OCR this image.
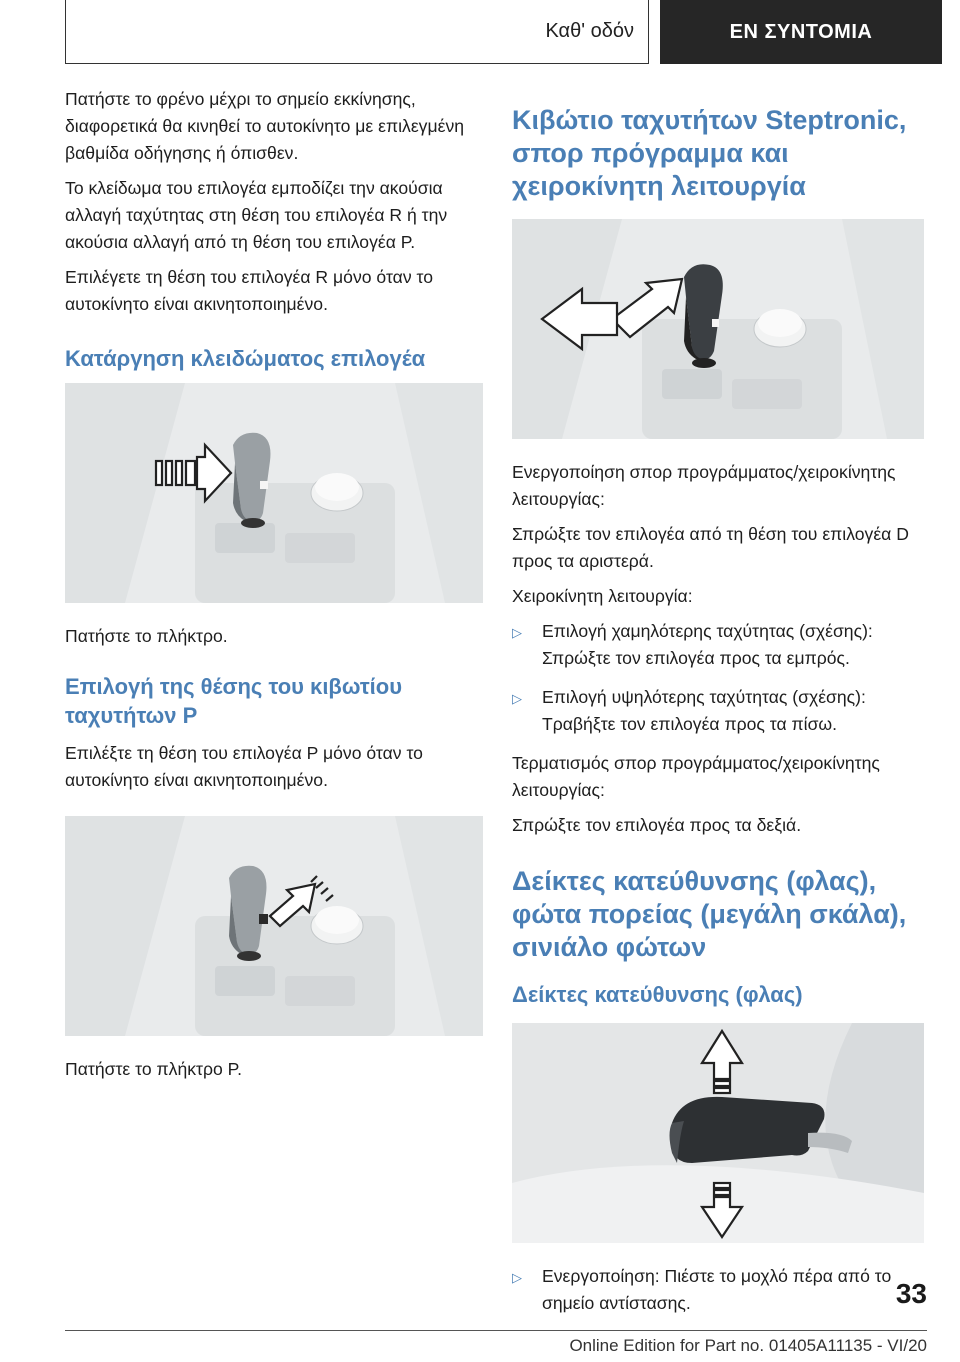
Καθ' οδόν	ΕΝ ΣΥΝΤΟΜΙΑ

Πατήστε το φρένο μέχρι το σημείο εκκίνησης, διαφορετικά θα κινηθεί το αυτοκίνητο με επιλεγμένη βαθμίδα οδήγησης ή όπισθεν.

Το κλείδωμα του επιλογέα εμποδίζει την ακούσια αλλαγή ταχύτητας στη θέση του επιλογέα R ή την ακούσια αλλαγή από τη θέση του επιλογέα P.

Επιλέγετε τη θέση του επιλογέα R μόνο όταν το αυτοκίνητο είναι ακινητοποιημένο.

Κατάργηση κλειδώματος επιλογέα

Πατήστε το πλήκτρο.

Επιλογή της θέσης του κιβωτίου ταχυτήτων P

Επιλέξτε τη θέση του επιλογέα P μόνο όταν το αυτοκίνητο είναι ακινητοποιημένο.

Πατήστε το πλήκτρο P.

Κιβώτιο ταχυτήτων Steptronic, σπορ πρόγραμμα και χειροκίνητη λειτουργία

Ενεργοποίηση σπορ προγράμματος/χειροκίνητης λειτουργίας:

Σπρώξτε τον επιλογέα από τη θέση του επιλογέα D προς τα αριστερά.

Χειροκίνητη λειτουργία:

▷	Επιλογή χαμηλότερης ταχύτητας (σχέσης): Σπρώξτε τον επιλογέα προς τα εμπρός.
▷	Επιλογή υψηλότερης ταχύτητας (σχέσης): Τραβήξτε τον επιλογέα προς τα πίσω.

Τερματισμός σπορ προγράμματος/χειροκίνητης λειτουργίας:

Σπρώξτε τον επιλογέα προς τα δεξιά.

Δείκτες κατεύθυνσης (φλας), φώτα πορείας (μεγάλη σκάλα), σινιάλο φώτων
Δείκτες κατεύθυνσης (φλας)
▷	Ενεργοποίηση: Πιέστε το μοχλό πέρα από το σημείο αντίστασης.	33
Online Edition for Part no. 01405A11135 - VI/20
